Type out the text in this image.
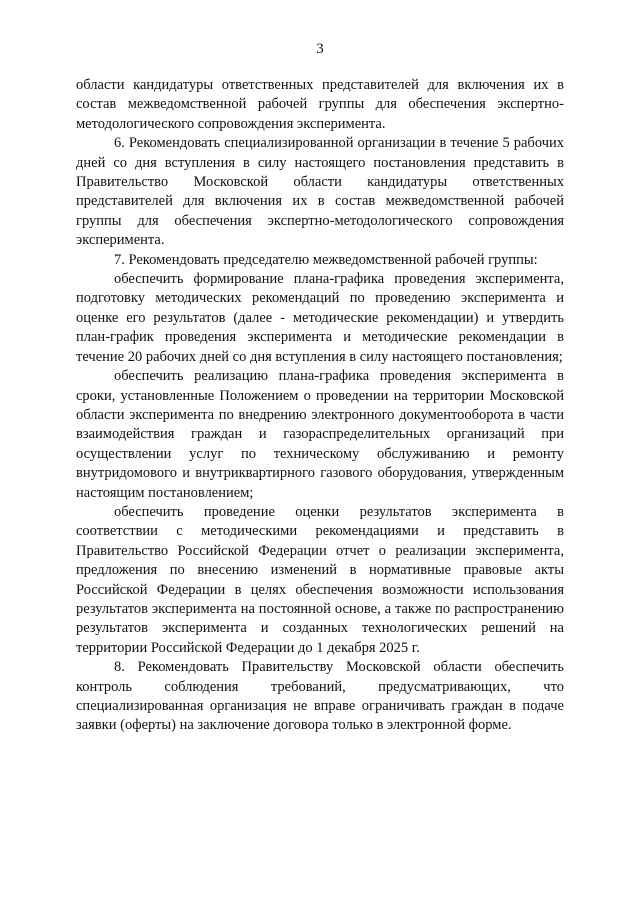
3

области кандидатуры ответственных представителей для включения их в состав межведомственной рабочей группы для обеспечения экспертно-методологического сопровождения эксперимента.

6. Рекомендовать специализированной организации в течение 5 рабочих дней со дня вступления в силу настоящего постановления представить в Правительство Московской области кандидатуры ответственных представителей для включения их в состав межведомственной рабочей группы для обеспечения экспертно-методологического сопровождения эксперимента.

7. Рекомендовать председателю межведомственной рабочей группы:

обеспечить формирование плана-графика проведения эксперимента, подготовку методических рекомендаций по проведению эксперимента и оценке его результатов (далее - методические рекомендации) и утвердить план-график проведения эксперимента и методические рекомендации в течение 20 рабочих дней со дня вступления в силу настоящего постановления;

обеспечить реализацию плана-графика проведения эксперимента в сроки, установленные Положением о проведении на территории Московской области эксперимента по внедрению электронного документооборота в части взаимодействия граждан и газораспределительных организаций при осуществлении услуг по техническому обслуживанию и ремонту внутридомового и внутриквартирного газового оборудования, утвержденным настоящим постановлением;

обеспечить проведение оценки результатов эксперимента в соответствии с методическими рекомендациями и представить в Правительство Российской Федерации отчет о реализации эксперимента, предложения по внесению изменений в нормативные правовые акты Российской Федерации в целях обеспечения возможности использования результатов эксперимента на постоянной основе, а также по распространению результатов эксперимента и созданных технологических решений на территории Российской Федерации до 1 декабря 2025 г.

8. Рекомендовать Правительству Московской области обеспечить контроль соблюдения требований, предусматривающих, что специализированная организация не вправе ограничивать граждан в подаче заявки (оферты) на заключение договора только в электронной форме.
